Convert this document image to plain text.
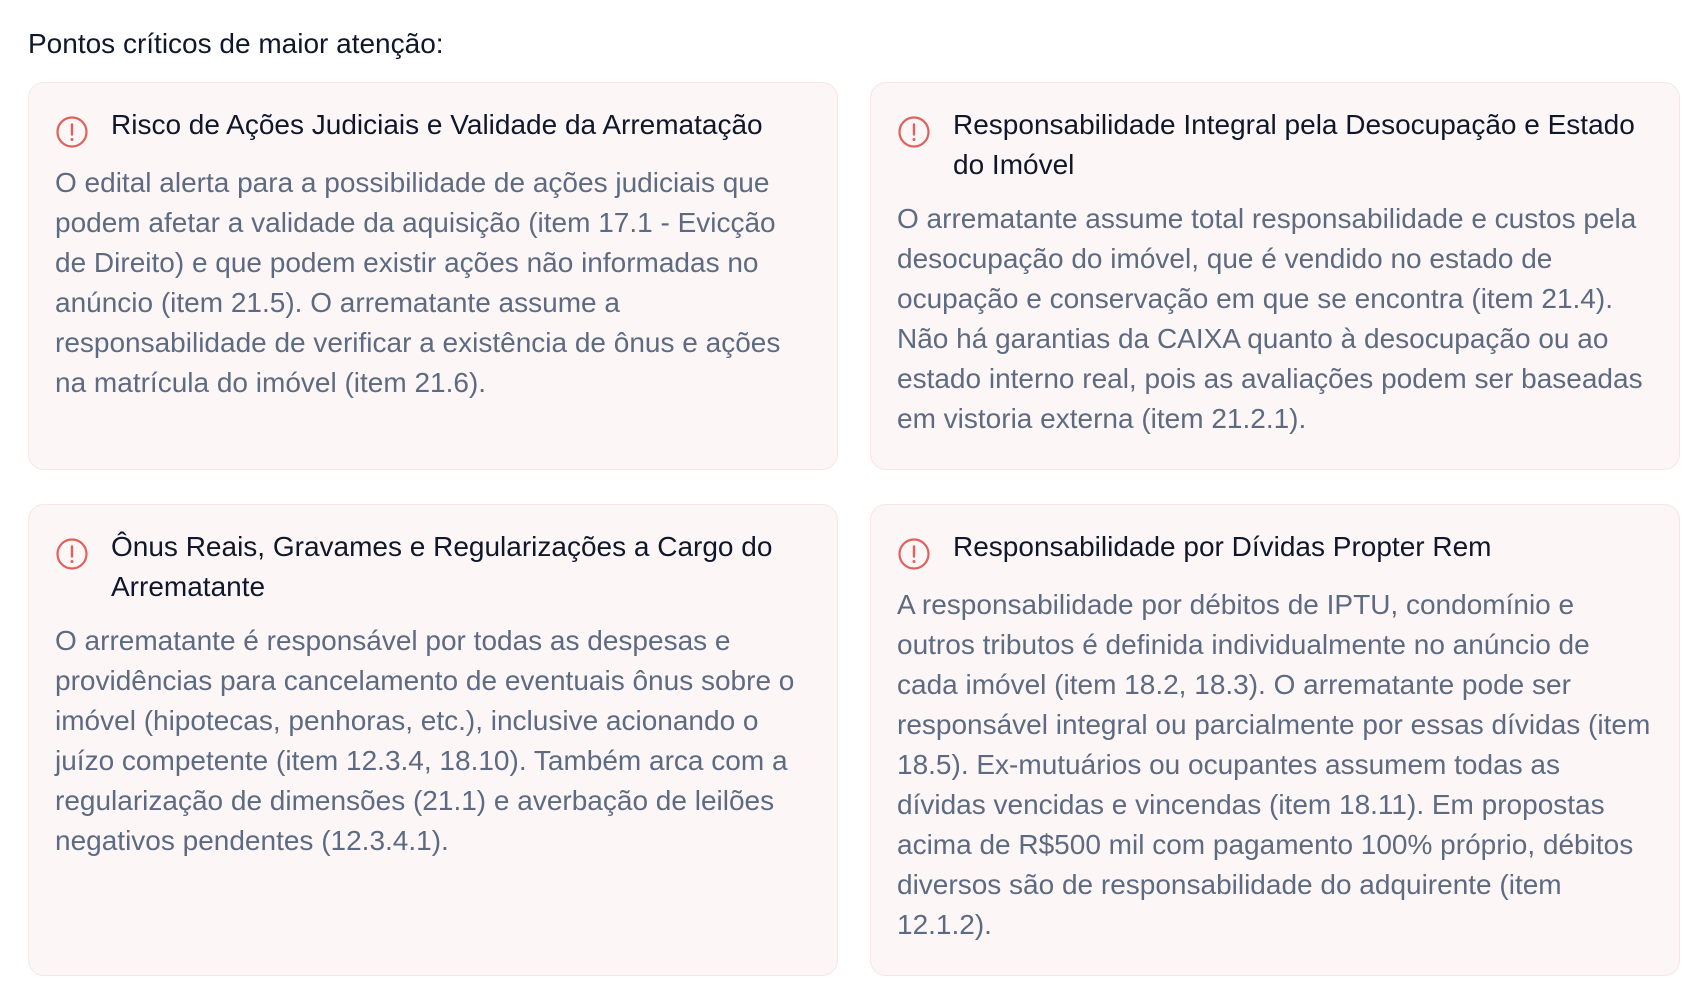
Pontos críticos de maior atenção:
Risco de Ações Judiciais e Validade da Arrematação

O edital alerta para a possibilidade de ações judiciais que podem afetar a validade da aquisição (item 17.1 - Evicção de Direito) e que podem existir ações não informadas no anúncio (item 21.5). O arrematante assume a responsabilidade de verificar a existência de ônus e ações na matrícula do imóvel (item 21.6).

Responsabilidade Integral pela Desocupação e Estado do Imóvel

O arrematante assume total responsabilidade e custos pela desocupação do imóvel, que é vendido no estado de ocupação e conservação em que se encontra (item 21.4). Não há garantias da CAIXA quanto à desocupação ou ao estado interno real, pois as avaliações podem ser baseadas em vistoria externa (item 21.2.1).

Ônus Reais, Gravames e Regularizações a Cargo do Arrematante

O arrematante é responsável por todas as despesas e providências para cancelamento de eventuais ônus sobre o imóvel (hipotecas, penhoras, etc.), inclusive acionando o juízo competente (item 12.3.4, 18.10). Também arca com a regularização de dimensões (21.1) e averbação de leilões negativos pendentes (12.3.4.1).

Responsabilidade por Dívidas Propter Rem

A responsabilidade por débitos de IPTU, condomínio e outros tributos é definida individualmente no anúncio de cada imóvel (item 18.2, 18.3). O arrematante pode ser responsável integral ou parcialmente por essas dívidas (item 18.5). Ex-mutuários ou ocupantes assumem todas as dívidas vencidas e vincendas (item 18.11). Em propostas acima de R$500 mil com pagamento 100% próprio, débitos diversos são de responsabilidade do adquirente (item 12.1.2).
